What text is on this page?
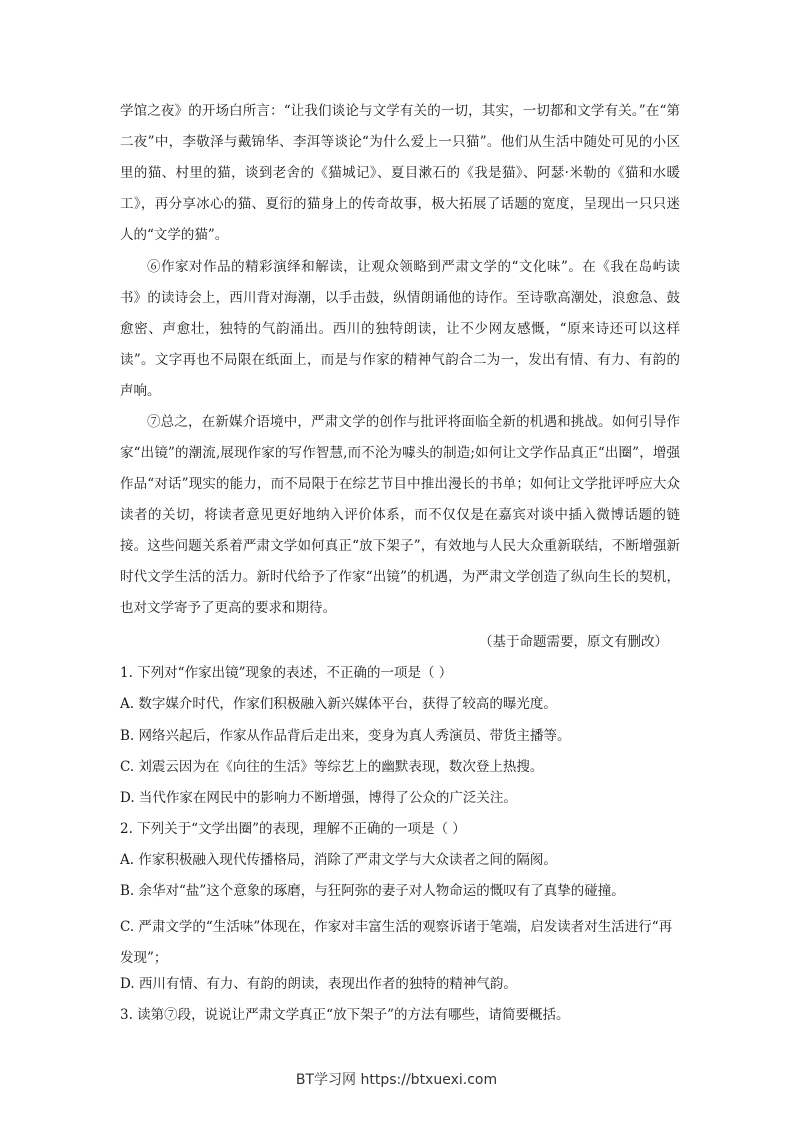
学馆之夜》的开场白所言：“让我们谈论与文学有关的一切，其实，一切都和文学有关。”在“第二夜”中，李敬泽与戴锦华、李洱等谈论“为什么爱上一只猫”。他们从生活中随处可见的小区里的猫、村里的猫，谈到老舍的《猫城记》、夏目漱石的《我是猫》、阿瑟·米勒的《猫和水暖工》，再分享冰心的猫、夏衍的猫身上的传奇故事，极大拓展了话题的宽度，呈现出一只只迷人的“文学的猫”。

⑥作家对作品的精彩演绎和解读，让观众领略到严肃文学的“文化味”。在《我在岛屿读书》的读诗会上，西川背对海潮，以手击鼓，纵情朗诵他的诗作。至诗歌高潮处，浪愈急、鼓愈密、声愈壮，独特的气韵涌出。西川的独特朗读，让不少网友感慨，“原来诗还可以这样读”。文字再也不局限在纸面上，而是与作家的精神气韵合二为一，发出有情、有力、有韵的声响。

⑦总之，在新媒介语境中，严肃文学的创作与批评将面临全新的机遇和挑战。如何引导作家“出镜”的潮流,展现作家的写作智慧,而不沦为噱头的制造;如何让文学作品真正“出圈”，增强作品“对话”现实的能力，而不局限于在综艺节目中推出漫长的书单；如何让文学批评呼应大众读者的关切，将读者意见更好地纳入评价体系，而不仅仅是在嘉宾对谈中插入微博话题的链接。这些问题关系着严肃文学如何真正“放下架子”，有效地与人民大众重新联结，不断增强新时代文学生活的活力。新时代给予了作家“出镜”的机遇，为严肃文学创造了纵向生长的契机，也对文学寄予了更高的要求和期待。

（基于命题需要，原文有删改）

1. 下列对“作家出镜”现象的表述，不正确的一项是（ ）

A. 数字媒介时代，作家们积极融入新兴媒体平台，获得了较高的曝光度。

B. 网络兴起后，作家从作品背后走出来，变身为真人秀演员、带货主播等。

C. 刘震云因为在《向往的生活》等综艺上的幽默表现，数次登上热搜。

D. 当代作家在网民中的影响力不断增强，博得了公众的广泛关注。

2. 下列关于“文学出圈”的表现，理解不正确的一项是（ ）

A. 作家积极融入现代传播格局，消除了严肃文学与大众读者之间的隔阂。

B. 余华对“盐”这个意象的琢磨，与狂阿弥的妻子对人物命运的慨叹有了真挚的碰撞。

C. 严肃文学的“生活味”体现在，作家对丰富生活的观察诉诸于笔端，启发读者对生活进行“再发现”；

D. 西川有情、有力、有韵的朗读，表现出作者的独特的精神气韵。

3. 读第⑦段，说说让严肃文学真正“放下架子”的方法有哪些，请简要概括。

BT学习网 https://btxuexi.com
